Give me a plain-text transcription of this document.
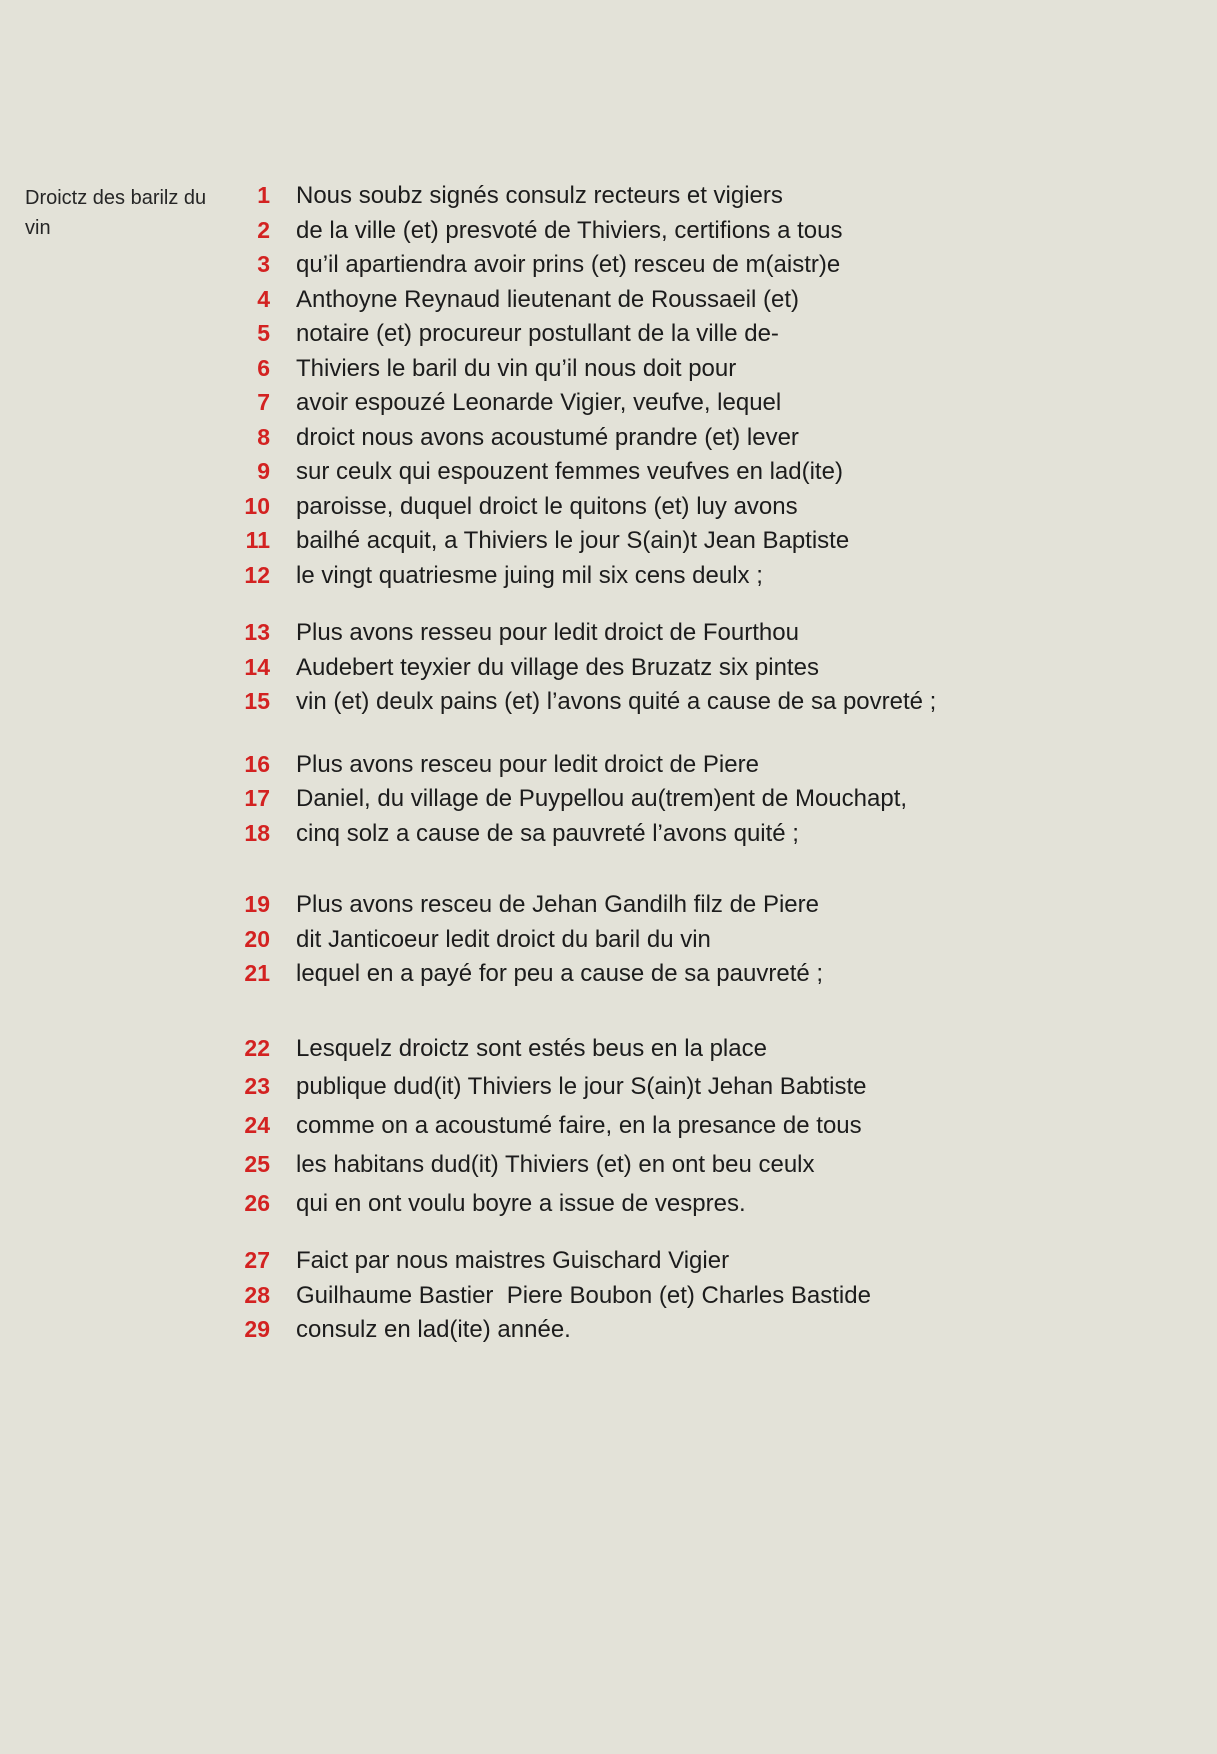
Droictz des barilz du vin
1 Nous soubz signés consulz recteurs et vigiers
2 de la ville (et) presvoté de Thiviers, certifions a tous
3 qu’il apartiendra avoir prins (et) resceu de m(aistr)e
4 Anthoyne Reynaud lieutenant de Roussaeil (et)
5 notaire (et) procureur postullant de la ville de-
6 Thiviers le baril du vin qu’il nous doit pour
7 avoir espouzé Leonarde Vigier, veufve, lequel
8 droict nous avons acoustumé prandre (et) lever
9 sur ceulx qui espouzent femmes veufves en lad(ite)
10 paroisse, duquel droict le quitons (et) luy avons
11 bailhé acquit, a Thiviers le jour S(ain)t Jean Baptiste
12 le vingt quatriesme juing mil six cens deulx ;
13 Plus avons resseu pour ledit droict de Fourthou
14 Audebert teyxier du village des Bruzatz six pintes
15 vin (et) deulx pains (et) l’avons quité a cause de sa povreté ;
16 Plus avons resceu pour ledit droict de Piere
17 Daniel, du village de Puypellou au(trem)ent de Mouchapt,
18 cinq solz a cause de sa pauvreté l’avons quité ;
19 Plus avons resceu de Jehan Gandilh filz de Piere
20 dit Janticoeur ledit droict du baril du vin
21 lequel en a payé for peu a cause de sa pauvreté ;
22 Lesquelz droictz sont estés beus en la place
23 publique dud(it) Thiviers le jour S(ain)t Jehan Babtiste
24 comme on a acoustumé faire, en la presance de tous
25 les habitans dud(it) Thiviers (et) en ont beu ceulx
26 qui en ont voulu boyre a issue de vespres.
27 Faict par nous maistres Guischard Vigier
28 Guilhaume Bastier  Piere Boubon (et) Charles Bastide
29 consulz en lad(ite) année.
